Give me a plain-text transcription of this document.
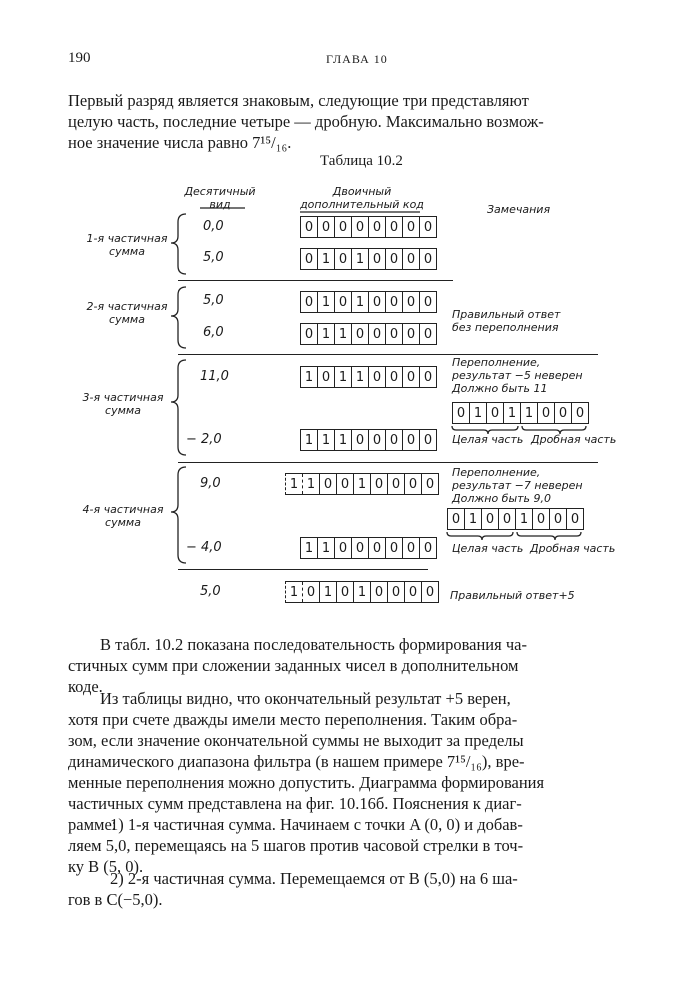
190	ГЛАВА 10
Первый разряд является знаковым, следующие три представляют
целую часть, последние четыре — дробную. Максимально возмож-
ное значение числа равно 7¹⁵/₁₆.
Таблица 10.2
Десятичный вид
Двоичный дополнительный код	Замечания
1-я частичная сумма
2-я частичная сумма
3-я частичная сумма
4-я частичная сумма
0,0
5,0
5,0
6,0
11,0
− 2,0
9,0
− 4,0
5,0
0 0 0 0 0 0 0 0
0 1 0 1 0 0 0 0
0 1 0 1 0 0 0 0
0 1 1 0 0 0 0 0
1 0 1 1 0 0 0 0
1 1 1 0 0 0 0 0
1 1 0 0 1 0 0 0 0
1 1 0 0 0 0 0 0
1 0 1 0 1 0 0 0 0
0 1 0 1 1 0 0 0
0 1 0 0 1 0 0 0
Правильный ответ
без переполнения
Переполнение,
результат −5 неверен
Должно быть 11
Целая часть Дробная часть
Переполнение,
результат −7 неверен
Должно быть 9,0
Целая часть Дробная часть
Правильный ответ+5
В табл. 10.2 показана последовательность формирования ча-
стичных сумм при сложении заданных чисел в дополнительном
коде.
Из таблицы видно, что окончательный результат +5 верен,
хотя при счете дважды имели место переполнения. Таким обра-
зом, если значение окончательной суммы не выходит за пределы
динамического диапазона фильтра (в нашем примере 7¹⁵/₁₆), вре-
менные переполнения можно допустить. Диаграмма формирования
частичных сумм представлена на фиг. 10.16б. Пояснения к диаг-
рамме:
1) 1-я частичная сумма. Начинаем с точки A (0, 0) и добав-
ляем 5,0, перемещаясь на 5 шагов против часовой стрелки в точ-
ку B (5, 0).
2) 2-я частичная сумма. Перемещаемся от B (5,0) на 6 ша-
гов в C(−5,0).
